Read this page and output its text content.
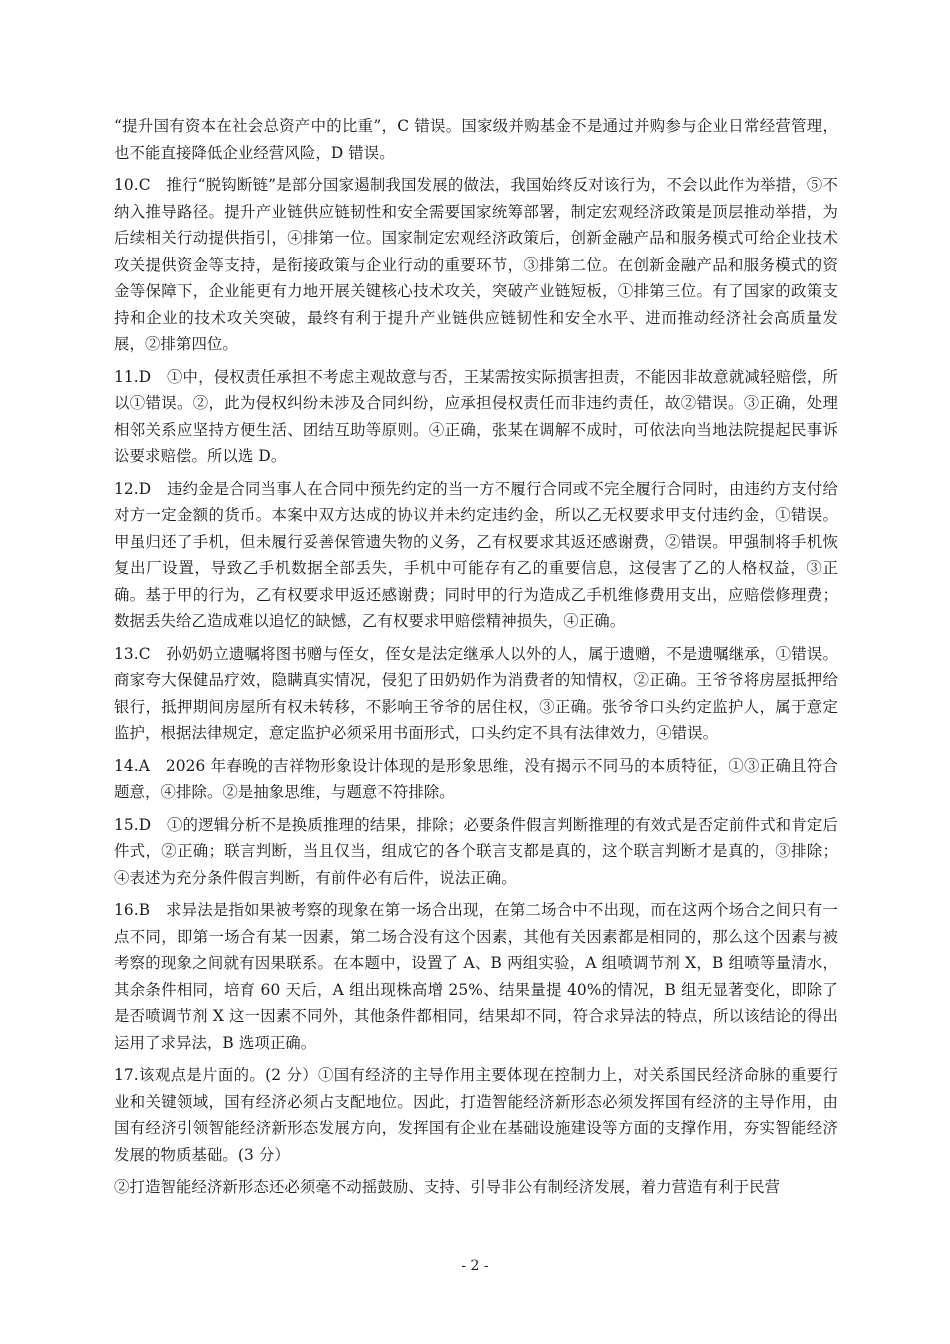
“提升国有资本在社会总资产中的比重”，C 错误。国家级并购基金不是通过并购参与企业日常经营管理，也不能直接降低企业经营风险，D 错误。

10.C　推行“脱钩断链”是部分国家遏制我国发展的做法，我国始终反对该行为，不会以此作为举措，⑤不纳入推导路径。提升产业链供应链韧性和安全需要国家统筹部署，制定宏观经济政策是顶层推动举措，为后续相关行动提供指引，④排第一位。国家制定宏观经济政策后，创新金融产品和服务模式可给企业技术攻关提供资金等支持，是衔接政策与企业行动的重要环节，③排第二位。在创新金融产品和服务模式的资金等保障下，企业能更有力地开展关键核心技术攻关，突破产业链短板，①排第三位。有了国家的政策支持和企业的技术攻关突破，最终有利于提升产业链供应链韧性和安全水平、进而推动经济社会高质量发展，②排第四位。

11.D　①中，侵权责任承担不考虑主观故意与否，王某需按实际损害担责，不能因非故意就减轻赔偿，所以①错误。②，此为侵权纠纷未涉及合同纠纷，应承担侵权责任而非违约责任，故②错误。③正确，处理相邻关系应坚持方便生活、团结互助等原则。④正确，张某在调解不成时，可依法向当地法院提起民事诉讼要求赔偿。所以选 D。

12.D　违约金是合同当事人在合同中预先约定的当一方不履行合同或不完全履行合同时，由违约方支付给对方一定金额的货币。本案中双方达成的协议并未约定违约金，所以乙无权要求甲支付违约金，①错误。甲虽归还了手机，但未履行妥善保管遗失物的义务，乙有权要求其返还感谢费，②错误。甲强制将手机恢复出厂设置，导致乙手机数据全部丢失，手机中可能存有乙的重要信息，这侵害了乙的人格权益，③正确。基于甲的行为，乙有权要求甲返还感谢费；同时甲的行为造成乙手机维修费用支出，应赔偿修理费；数据丢失给乙造成难以追忆的缺憾，乙有权要求甲赔偿精神损失，④正确。

13.C　孙奶奶立遗嘱将图书赠与侄女，侄女是法定继承人以外的人，属于遗赠，不是遗嘱继承，①错误。商家夸大保健品疗效，隐瞒真实情况，侵犯了田奶奶作为消费者的知情权，②正确。王爷爷将房屋抵押给银行，抵押期间房屋所有权未转移，不影响王爷爷的居住权，③正确。张爷爷口头约定监护人，属于意定监护，根据法律规定，意定监护必须采用书面形式，口头约定不具有法律效力，④错误。

14.A　2026 年春晚的吉祥物形象设计体现的是形象思维，没有揭示不同马的本质特征，①③正确且符合题意，④排除。②是抽象思维，与题意不符排除。

15.D　①的逻辑分析不是换质推理的结果，排除；必要条件假言判断推理的有效式是否定前件式和肯定后件式，②正确；联言判断，当且仅当，组成它的各个联言支都是真的，这个联言判断才是真的，③排除；④表述为充分条件假言判断，有前件必有后件，说法正确。

16.B　求异法是指如果被考察的现象在第一场合出现，在第二场合中不出现，而在这两个场合之间只有一点不同，即第一场合有某一因素，第二场合没有这个因素，其他有关因素都是相同的，那么这个因素与被考察的现象之间就有因果联系。在本题中，设置了 A、B 两组实验，A 组喷调节剂 X，B 组喷等量清水，其余条件相同，培育 60 天后，A 组出现株高增 25%、结果量提 40%的情况，B 组无显著变化，即除了是否喷调节剂 X 这一因素不同外，其他条件都相同，结果却不同，符合求异法的特点，所以该结论的得出运用了求异法，B 选项正确。

17.该观点是片面的。(2 分）①国有经济的主导作用主要体现在控制力上，对关系国民经济命脉的重要行业和关键领域，国有经济必须占支配地位。因此，打造智能经济新形态必须发挥国有经济的主导作用，由国有经济引领智能经济新形态发展方向，发挥国有企业在基础设施建设等方面的支撑作用，夯实智能经济发展的物质基础。(3 分）

②打造智能经济新形态还必须毫不动摇鼓励、支持、引导非公有制经济发展，着力营造有利于民营

- 2 -
